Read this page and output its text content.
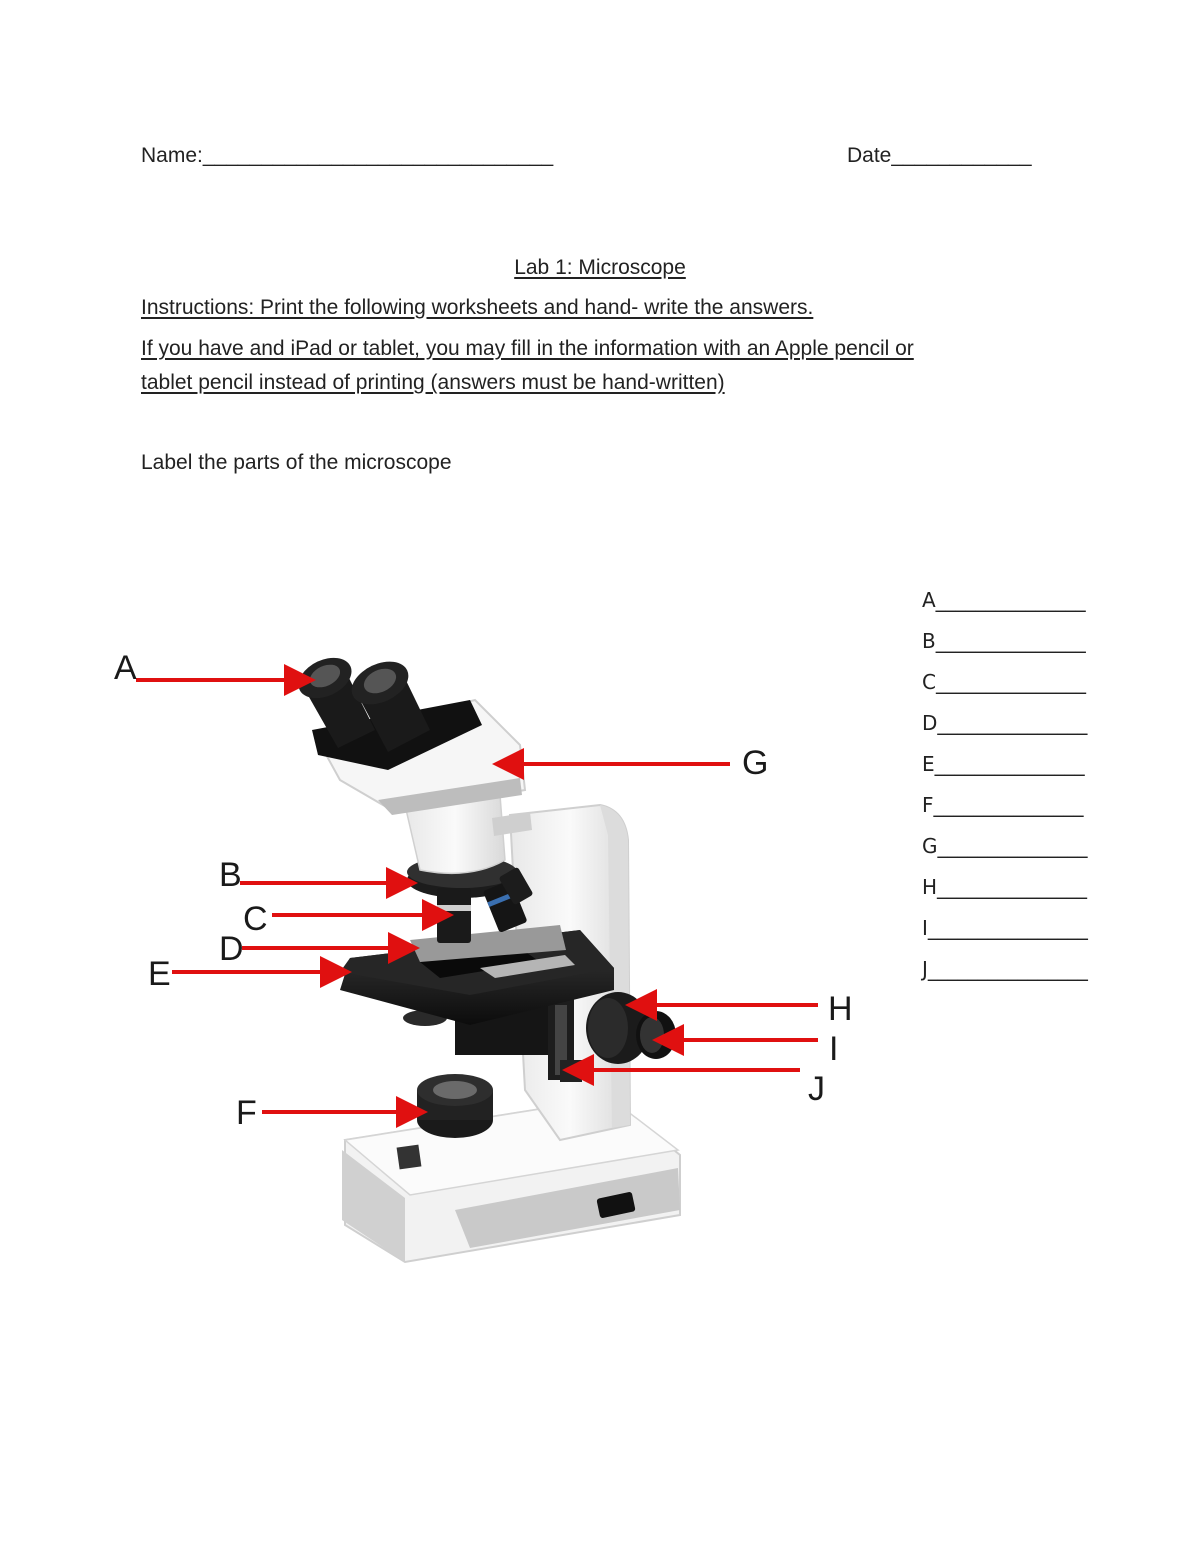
Name:______________________________	Date____________
Lab 1: Microscope
Instructions: Print the following worksheets and hand- write the answers.
If you have and iPad or tablet, you may fill in the information with an Apple pencil or
tablet pencil instead of printing (answers must be hand-written)
Label the parts of the microscope
A_______________
B_______________
C_______________
D_______________
E_______________
F_______________
G_______________
H_______________
I________________
J________________
A
B
C
D
E
F
G
H
I
J
